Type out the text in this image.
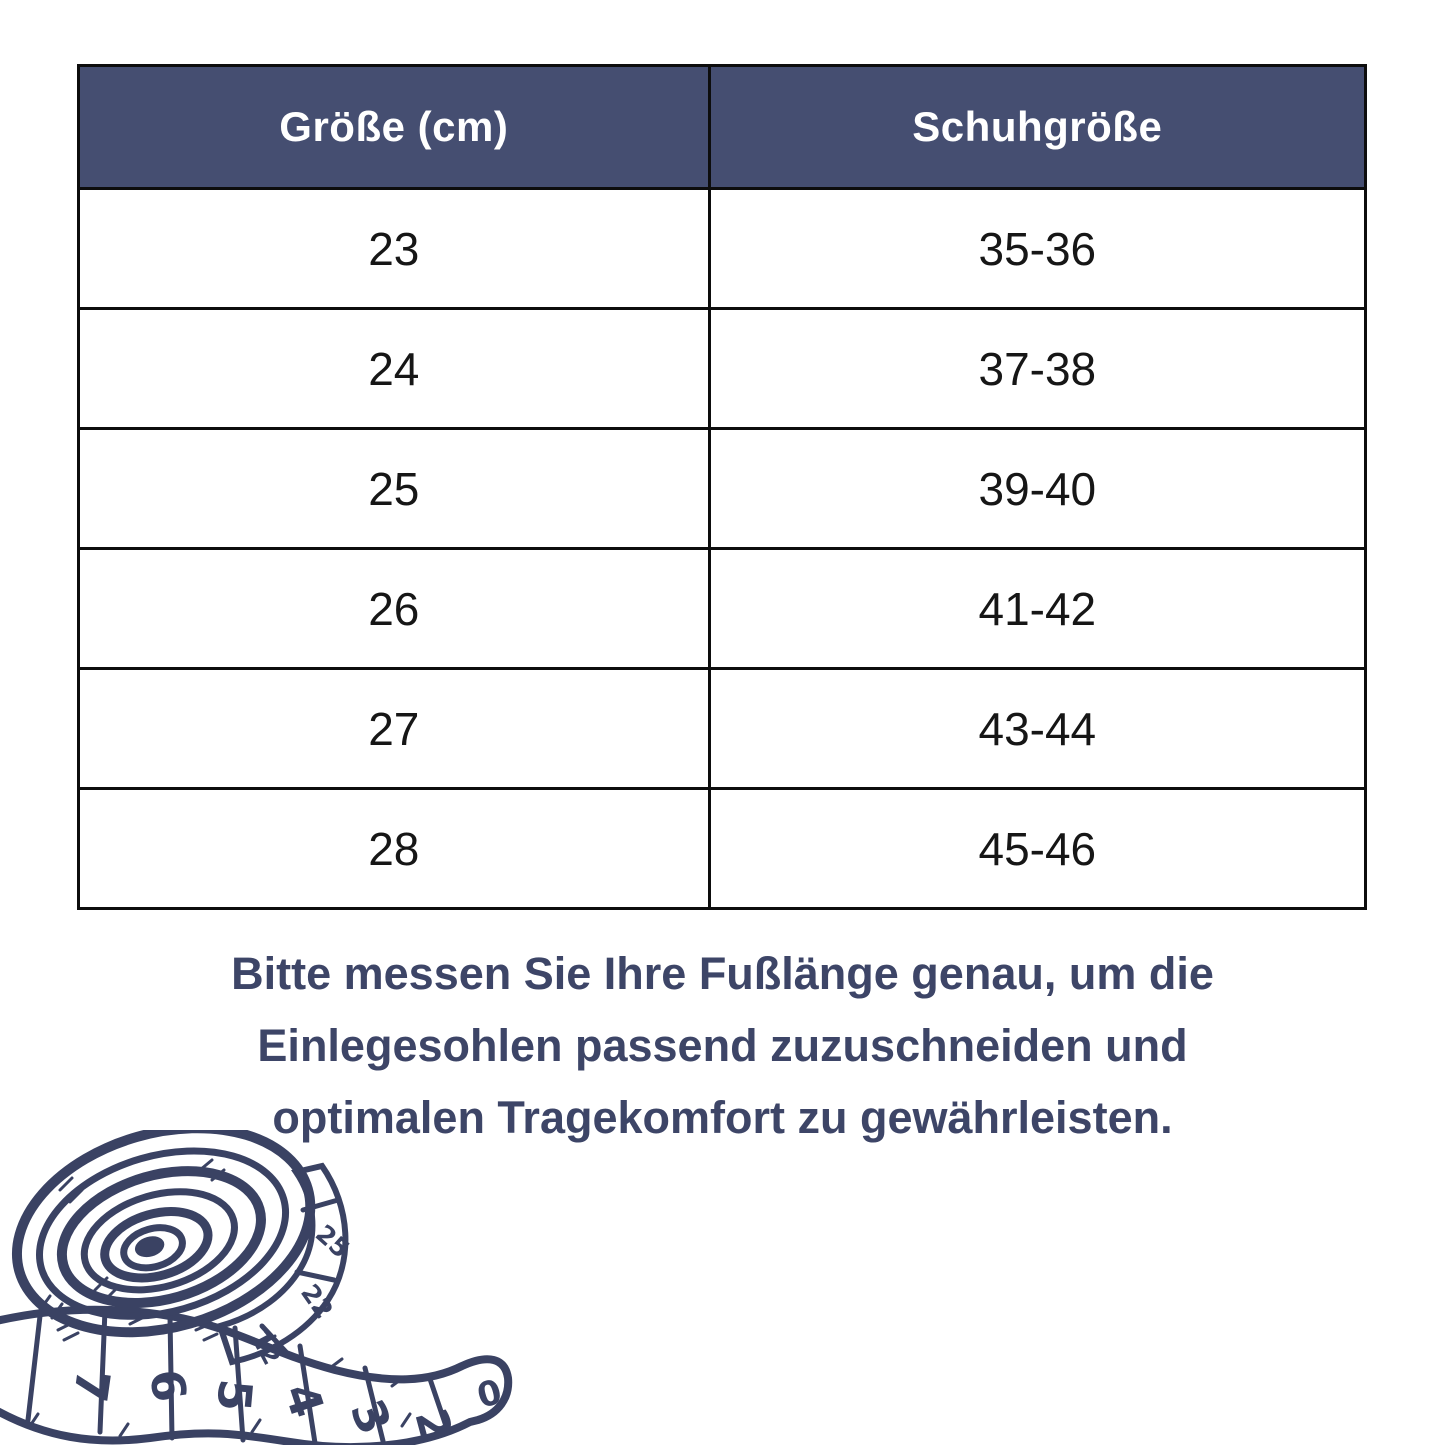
Größe (cm)	Schuhgröße
23	35-36
24	37-38
25	39-40
26	41-42
27	43-44
28	45-46
Bitte messen Sie Ihre Fußlänge genau, um die
Einlegesohlen passend zuzuschneiden und
optimalen Tragekomfort zu gewährleisten.
7 6 5 4 3 2
0
25
22
12
